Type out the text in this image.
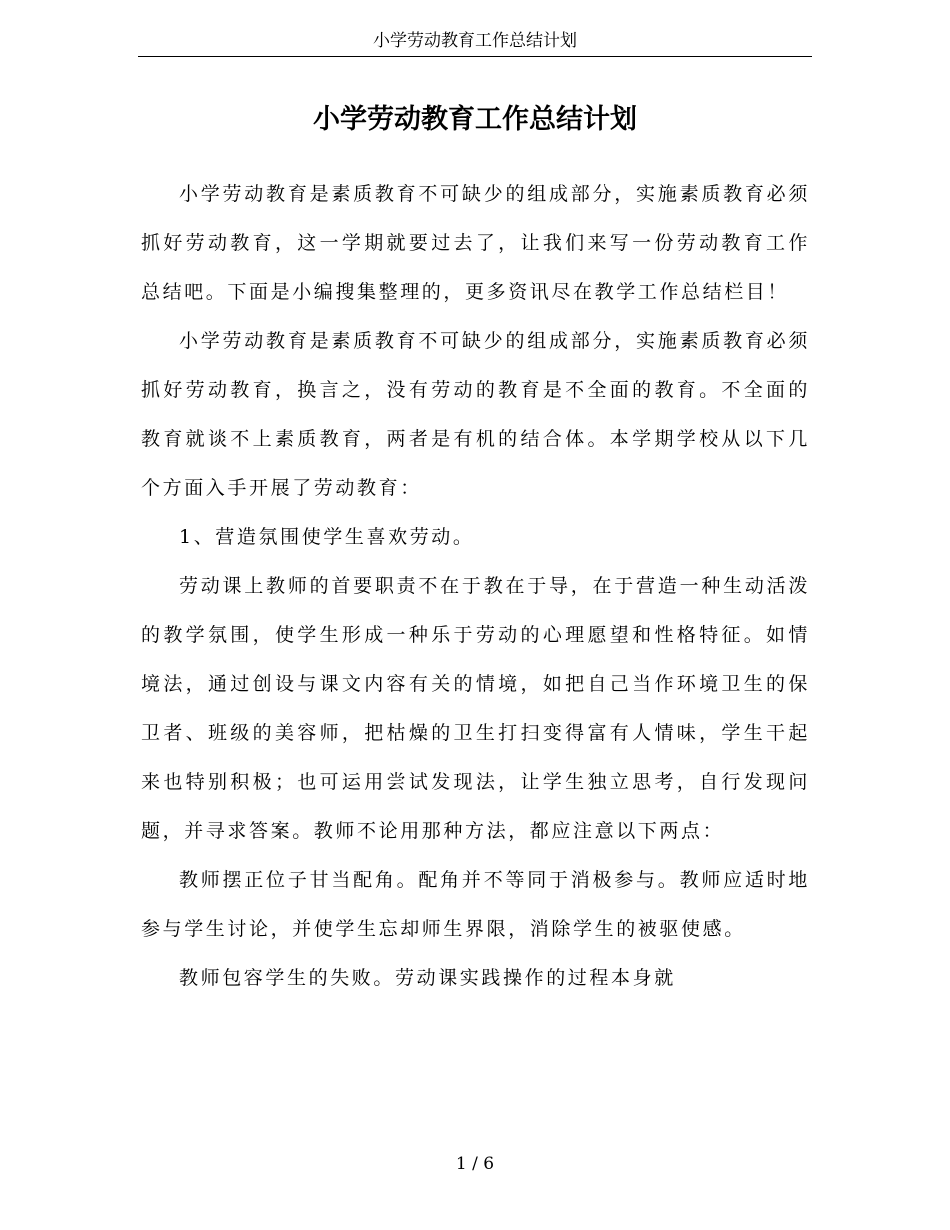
小学劳动教育工作总结计划
小学劳动教育工作总结计划

小学劳动教育是素质教育不可缺少的组成部分，实施素质教育必须抓好劳动教育，这一学期就要过去了，让我们来写一份劳动教育工作总结吧。下面是小编搜集整理的，更多资讯尽在教学工作总结栏目！

小学劳动教育是素质教育不可缺少的组成部分，实施素质教育必须抓好劳动教育，换言之，没有劳动的教育是不全面的教育。不全面的教育就谈不上素质教育，两者是有机的结合体。本学期学校从以下几个方面入手开展了劳动教育：

1、营造氛围使学生喜欢劳动。

劳动课上教师的首要职责不在于教在于导，在于营造一种生动活泼的教学氛围，使学生形成一种乐于劳动的心理愿望和性格特征。如情境法，通过创设与课文内容有关的情境，如把自己当作环境卫生的保卫者、班级的美容师，把枯燥的卫生打扫变得富有人情味，学生干起来也特别积极；也可运用尝试发现法，让学生独立思考，自行发现问题，并寻求答案。教师不论用那种方法，都应注意以下两点：

教师摆正位子甘当配角。配角并不等同于消极参与。教师应适时地参与学生讨论，并使学生忘却师生界限，消除学生的被驱使感。

教师包容学生的失败。劳动课实践操作的过程本身就

1 / 6
